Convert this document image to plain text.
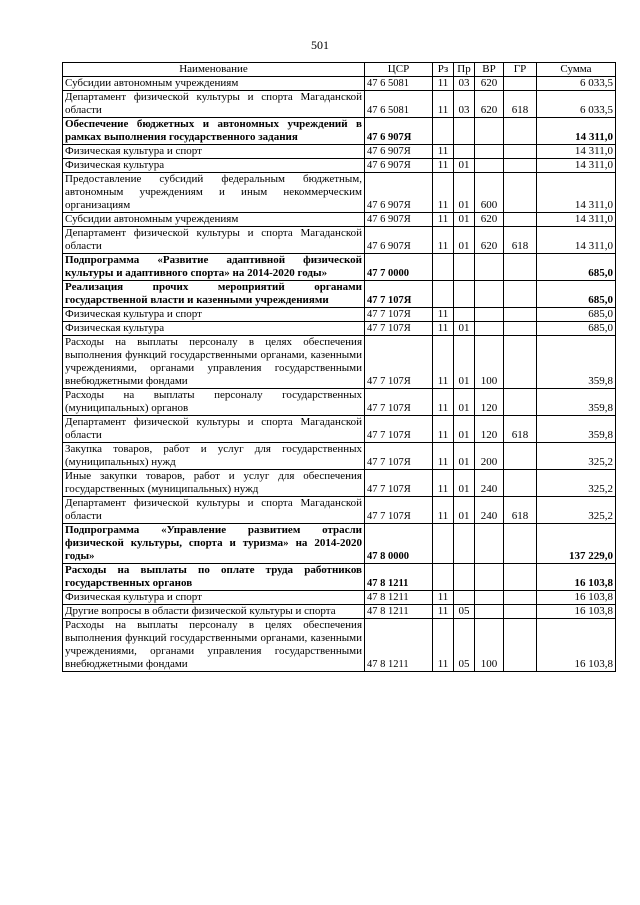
501
Наименование	ЦСР	Рз	Пр	ВР	ГР	Сумма
Субсидии автономным учреждениям	47 6 5081	11	03	620		6 033,5
Департамент физической культуры и спорта Магаданской области	47 6 5081	11	03	620	618	6 033,5
Обеспечение бюджетных и автономных учреждений в рамках выполнения государственного задания	47 6 907Я					14 311,0
Физическая культура и спорт	47 6 907Я	11				14 311,0
Физическая культура	47 6 907Я	11	01			14 311,0
Предоставление субсидий федеральным бюджетным, автономным учреждениям и иным некоммерческим организациям	47 6 907Я	11	01	600		14 311,0
Субсидии автономным учреждениям	47 6 907Я	11	01	620		14 311,0
Департамент физической культуры и спорта Магаданской области	47 6 907Я	11	01	620	618	14 311,0
Подпрограмма «Развитие адаптивной физической культуры и адаптивного спорта» на 2014-2020 годы»	47 7 0000					685,0
Реализация прочих мероприятий органами государственной власти и казенными учреждениями	47 7 107Я					685,0
Физическая культура и спорт	47 7 107Я	11				685,0
Физическая культура	47 7 107Я	11	01			685,0
Расходы на выплаты персоналу в целях обеспечения выполнения функций государственными органами, казенными учреждениями, органами управления государственными внебюджетными фондами	47 7 107Я	11	01	100		359,8
Расходы на выплаты персоналу государственных (муниципальных) органов	47 7 107Я	11	01	120		359,8
Департамент физической культуры и спорта Магаданской области	47 7 107Я	11	01	120	618	359,8
Закупка товаров, работ и услуг для государственных (муниципальных) нужд	47 7 107Я	11	01	200		325,2
Иные закупки товаров, работ и услуг для обеспечения государственных (муниципальных) нужд	47 7 107Я	11	01	240		325,2
Департамент физической культуры и спорта Магаданской области	47 7 107Я	11	01	240	618	325,2
Подпрограмма «Управление развитием отрасли физической культуры, спорта и туризма» на 2014-2020 годы»	47 8 0000					137 229,0
Расходы на выплаты по оплате труда работников государственных органов	47 8 1211					16 103,8
Физическая культура и спорт	47 8 1211	11				16 103,8
Другие вопросы в области физической культуры и спорта	47 8 1211	11	05			16 103,8
Расходы на выплаты персоналу в целях обеспечения выполнения функций государственными органами, казенными учреждениями, органами управления государственными внебюджетными фондами	47 8 1211	11	05	100		16 103,8
